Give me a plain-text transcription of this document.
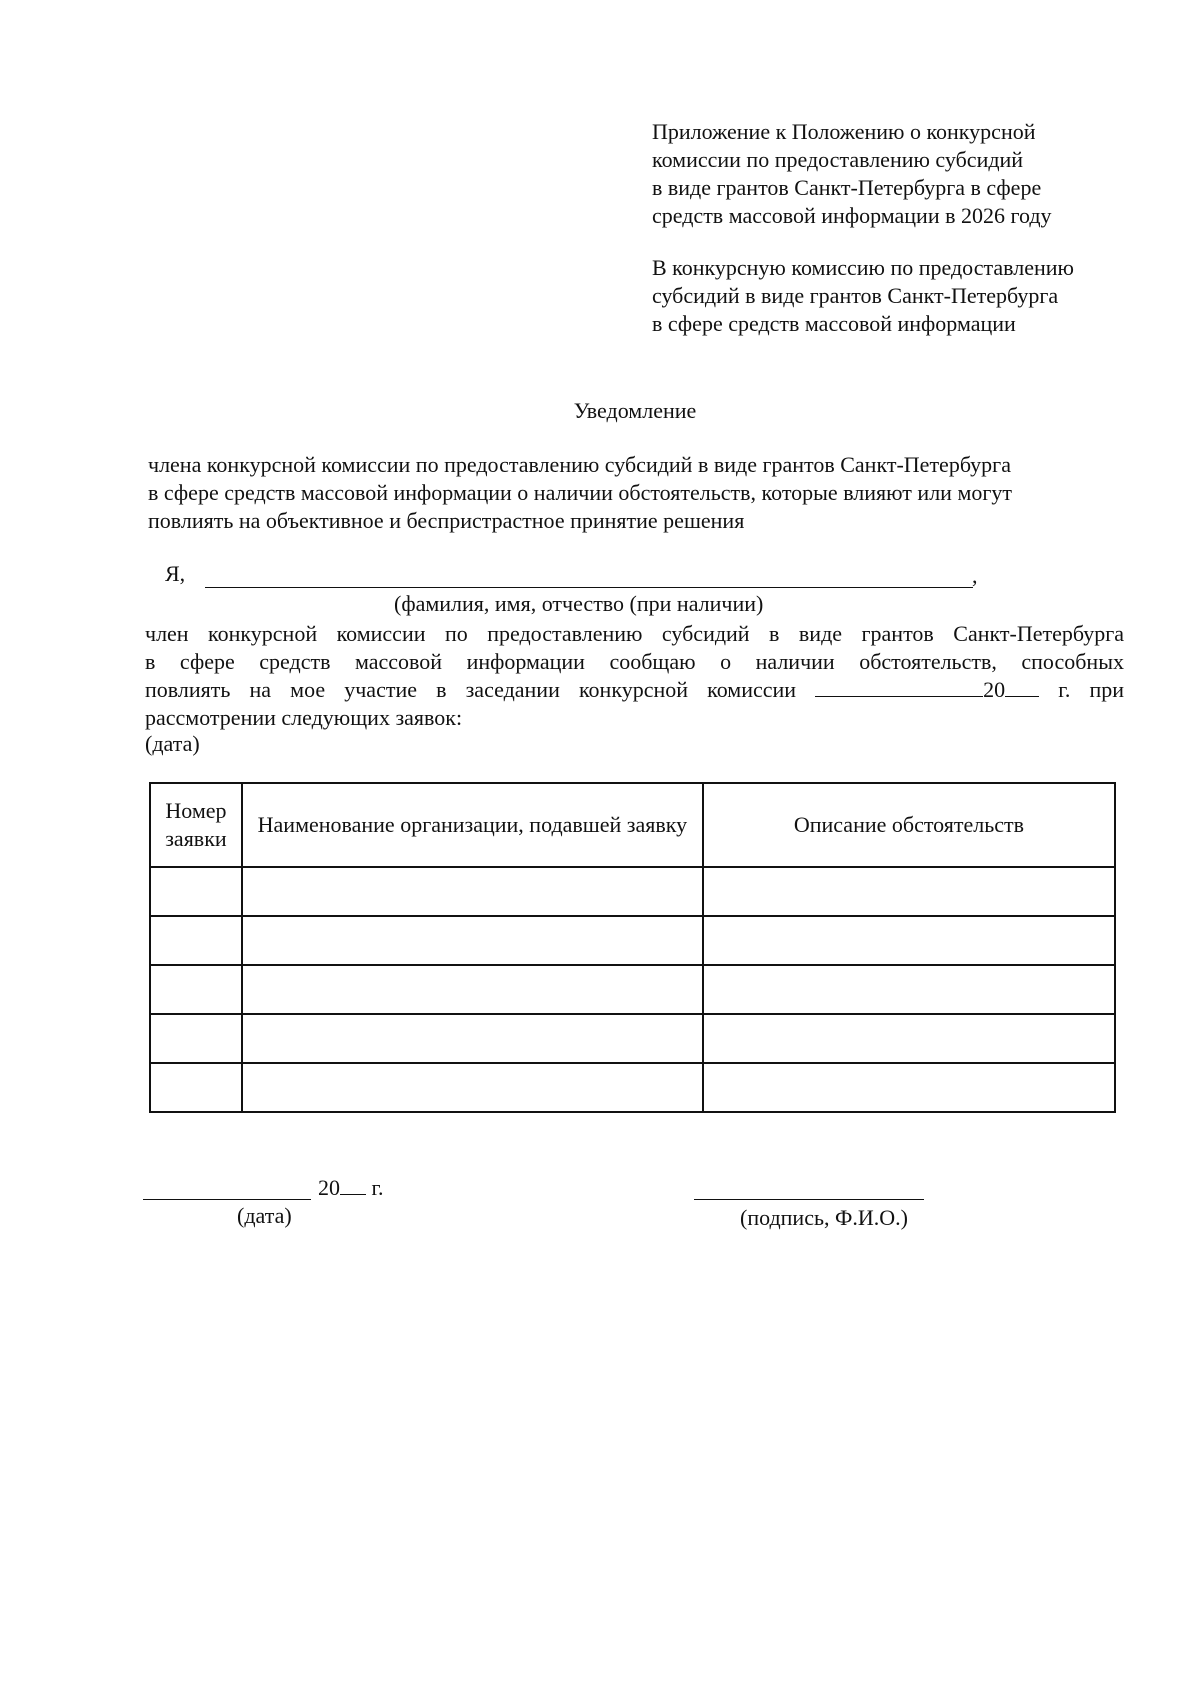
Приложение к Положению о конкурсной
комиссии по предоставлению субсидий
в виде грантов Санкт-Петербурга в сфере
средств массовой информации в 2026 году
В конкурсную комиссию по предоставлению
субсидий в виде грантов Санкт-Петербурга
в сфере средств массовой информации
Уведомление
члена конкурсной комиссии по предоставлению субсидий в виде грантов Санкт-Петербурга
в сфере средств массовой информации о наличии обстоятельств, которые влияют или могут
повлиять на объективное и беспристрастное принятие решения
Я,	,
(фамилия, имя, отчество (при наличии)
член конкурсной комиссии по предоставлению субсидий в виде грантов Санкт-Петербурга
в сфере средств массовой информации сообщаю о наличии обстоятельств, способных
повлиять на мое участие в заседании конкурсной комиссии	20 г. при
рассмотрении следующих заявок:
(дата)
Номер заявки	Наименование организации, подавшей заявку	Описание обстоятельств

20 г.
(дата)	(подпись, Ф.И.О.)
